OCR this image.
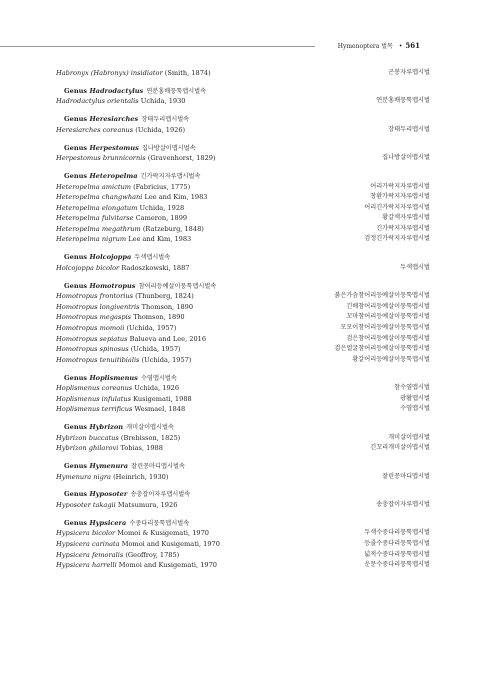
Hymenoptera 벌목 • 561
Habronyx (Habronyx) insidiator (Smith, 1874)	곤봉자루맵시벌
Genus Hadrodactylus 연분홍배뭉툭맵시벌속
Hadrodactylus orientalis Uchida, 1930	연분홍배뭉툭맵시벌
Genus Heresiarches 장태두리맵시벌속
Heresiarches coreanus (Uchida, 1926)	장태두리맵시벌
Genus Herpestomus 집나방살이맵시벌속
Herpestomus brunnicornis (Gravenhorst, 1829)	집나방살이맵시벌
Genus Heteropelma 긴가락지자루맵시벌속
Heteropelma amictum (Fabricius, 1775)	어리가락지자루맵시벌
Heteropelma changwhani Lee and Kim, 1983	창환가락지자루맵시벌
Heteropelma elongatum Uchida, 1928	어리긴가락지자루맵시벌
Heteropelma fulvitarse Cameron, 1899	황갈색자루맵시벌
Heteropelma megathrum (Ratzeburg, 1848)	긴가락지자루맵시벌
Heteropelma nigrum Lee and Kim, 1983	검정긴가락지자루맵시벌
Genus Holcojoppa 두색맵시벌속
Holcojoppa bicolor Radoszkowski, 1887	두색맵시벌
Genus Homotropus 참어리등예살이뭉툭맵시벌속
Homotropus frontorius (Thunberg, 1824)	붉은가슴참어리등예살이뭉툭맵시벌
Homotropus longiventris Thomson, 1890	긴배참어리등예살이뭉툭맵시벌
Homotropus megaspis Thomson, 1890	꼬마참어리등예살이뭉툭맵시벌
Homotropus momoii (Uchida, 1957)	모모이참어리등예살이뭉툭맵시벌
Homotropus sepiatus Balueva and Lee, 2016	검은참어리등예살이뭉툭맵시벌
Homotropus spinosus (Uchida, 1957)	검은얼굴참어리등예살이뭉툭맵시벌
Homotropus tenuitibialis (Uchida, 1957)	황갈어리등예살이뭉툭맵시벌
Genus Hoplismenus 수염맵시벌속
Hoplismenus coreanus Uchida, 1926	참수염맵시벌
Hoplismenus infulatus Kusigemati, 1988	광활맵시벌
Hoplismenus terrificus Wesmael, 1848	수염맵시벌
Genus Hybrizon 개미살이맵시벌속
Hybrizon buccatus (Brebisson, 1825)	개미살이맵시벌
Hybrizon ghilarovi Tobias, 1988	긴꼬리개미살이맵시벌
Genus Hymenura 잘린꽁마디맵시벌속
Hymenura nigra (Heinrich, 1930)	잘린꽁마디맵시벌
Genus Hyposoter 송충잡이자루맵시벌속
Hyposoter takagii Matsumura, 1926	송충잡이자루맵시벌
Genus Hypsicera 수중다리뭉툭맵시벌속
Hypsicera bicolor Momoi & Kusigemati, 1970	두색수중다리뭉툭맵시벌
Hypsicera carinata Momoi and Kusigemati, 1970	등줄수중다리뭉툭맵시벌
Hypsicera femoralis (Geoffroy, 1785)	넓적수중다리뭉툭맵시벌
Hypsicera harrelli Momoi and Kusigemati, 1970	운문수중다리뭉툭맵시벌
